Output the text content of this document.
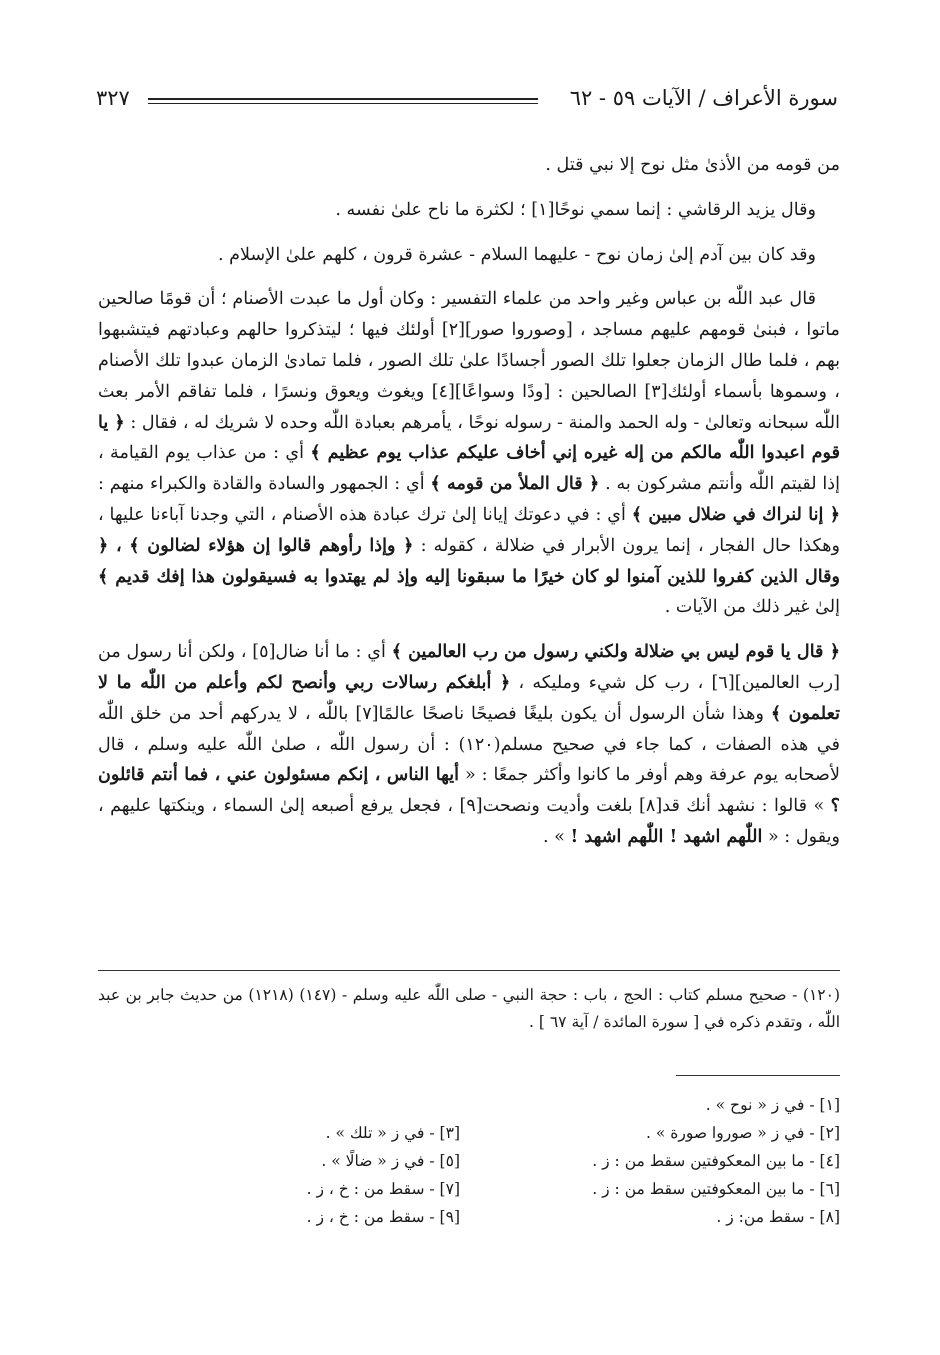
سورة الأعراف / الآيات ٥٩ - ٦٢
٣٢٧

من قومه من الأذىٰ مثل نوح إلا نبي قتل .

وقال يزيد الرقاشي : إنما سمي نوحًا[١] ؛ لكثرة ما ناح علىٰ نفسه .

وقد كان بين آدم إلىٰ زمان نوح - عليهما السلام - عشرة قرون ، كلهم علىٰ الإسلام .

قال عبد اللّٰه بن عباس وغير واحد من علماء التفسير : وكان أول ما عبدت الأصنام ؛ أن قومًا صالحين ماتوا ، فبنىٰ قومهم عليهم مساجد ، [وصوروا صور][٢] أولئك فيها ؛ ليتذكروا حالهم وعبادتهم فيتشبهوا بهم ، فلما طال الزمان جعلوا تلك الصور أجسادًا علىٰ تلك الصور ، فلما تمادىٰ الزمان عبدوا تلك الأصنام ، وسموها بأسماء أولئك[٣] الصالحين : [ودًا وسواعًا][٤] ويغوث ويعوق ونسرًا ، فلما تفاقم الأمر بعث اللّٰه سبحانه وتعالىٰ - وله الحمد والمنة - رسوله نوحًا ، يأمرهم بعبادة اللّٰه وحده لا شريك له ، فقال : ﴿ يا قوم اعبدوا اللّٰه مالكم من إله غيره إني أخاف عليكم عذاب يوم عظيم ﴾ أي : من عذاب يوم القيامة ، إذا لقيتم اللّٰه وأنتم مشركون به . ﴿ قال الملأ من قومه ﴾ أي : الجمهور والسادة والقادة والكبراء منهم : ﴿ إنا لنراك في ضلال مبين ﴾ أي : في دعوتك إيانا إلىٰ ترك عبادة هذه الأصنام ، التي وجدنا آباءنا عليها ، وهكذا حال الفجار ، إنما يرون الأبرار في ضلالة ، كقوله : ﴿ وإذا رأوهم قالوا إن هؤلاء لضالون ﴾ ، ﴿ وقال الذين كفروا للذين آمنوا لو كان خيرًا ما سبقونا إليه وإذ لم يهتدوا به فسيقولون هذا إفك قديم ﴾ إلىٰ غير ذلك من الآيات .

﴿ قال يا قوم ليس بي ضلالة ولكني رسول من رب العالمين ﴾ أي : ما أنا ضال[٥] ، ولكن أنا رسول من [رب العالمين][٦] ، رب كل شيء ومليكه ، ﴿ أبلغكم رسالات ربي وأنصح لكم وأعلم من اللّٰه ما لا تعلمون ﴾ وهذا شأن الرسول أن يكون بليغًا فصيحًا ناصحًا عالمًا[٧] باللّٰه ، لا يدركهم أحد من خلق اللّٰه في هذه الصفات ، كما جاء في صحيح مسلم(١٢٠) : أن رسول اللّٰه ، صلىٰ اللّٰه عليه وسلم ، قال لأصحابه يوم عرفة وهم أوفر ما كانوا وأكثر جمعًا : « أيها الناس ، إنكم مسئولون عني ، فما أنتم قائلون ؟ » قالوا : نشهد أنك قد[٨] بلغت وأديت ونصحت[٩] ، فجعل يرفع أصبعه إلىٰ السماء ، وينكتها عليهم ، ويقول : « اللّٰهم اشهد ! اللّٰهم اشهد ! » .

(١٢٠) - صحيح مسلم كتاب : الحج ، باب : حجة النبي - صلى اللّٰه عليه وسلم - (١٤٧) (١٢١٨) من حديث جابر بن عبد اللّٰه ، وتقدم ذكره في [ سورة المائدة / آية ٦٧ ] .
[١] - في ز « نوح » .
[٢] - في ز « صوروا صورة » .
[٣] - في ز « تلك » .
[٤] - ما بين المعكوفتين سقط من : ز .
[٥] - في ز « ضالًا » .
[٦] - ما بين المعكوفتين سقط من : ز .
[٧] - سقط من : خ ، ز .
[٨] - سقط من: ز .
[٩] - سقط من : خ ، ز .
